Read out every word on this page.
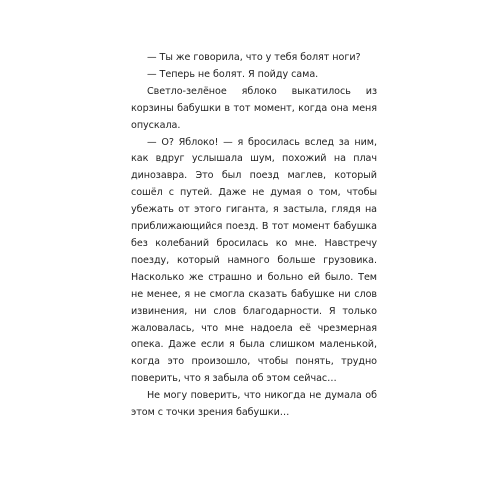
— Ты же говорила, что у тебя болят ноги?

— Теперь не болят. Я пойду сама.

Светло-зелёное яблоко выкатилось из корзины бабушки в тот момент, когда она меня опускала.

— О? Яблоко! — я бросилась вслед за ним, как вдруг услышала шум, похожий на плач динозавра. Это был поезд маглев, который сошёл с путей. Даже не думая о том, чтобы убежать от этого гиганта, я застыла, глядя на приближающийся поезд. В тот момент бабушка без колебаний бросилась ко мне. Навстречу поезду, который намного больше грузовика. Насколько же страшно и больно ей было. Тем не менее, я не смогла сказать бабушке ни слов извинения, ни слов благодарности. Я только жаловалась, что мне надоела её чрезмерная опека. Даже если я была слишком маленькой, когда это произошло, чтобы понять, трудно поверить, что я забыла об этом сейчас…

Не могу поверить, что никогда не думала об этом с точки зрения бабушки…
